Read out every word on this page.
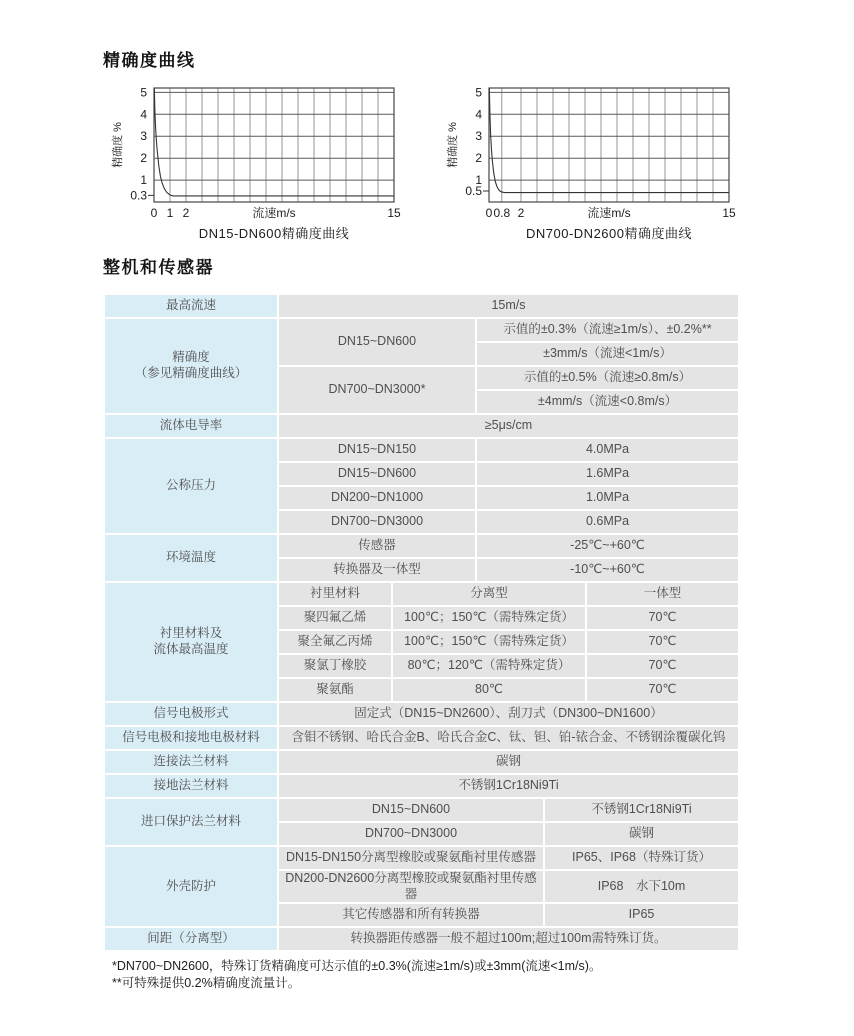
精确度曲线
5
4
3
2
1
0.3
0 1 2	15
流速m/s
精确度 %
DN15-DN600精确度曲线
5
4
3
2
1
0.5
0 0.8 2	15
流速m/s
精确度 %
DN700-DN2600精确度曲线
整机和传感器
最高流速	15m/s				

精确度
（参见精确度曲线）	DN15~DN600		示值的±0.3%（流速≥1m/s）、±0.2%**		
			±3mm/s（流速<1m/s）		
	DN700~DN3000*		示值的±0.5%（流速≥0.8m/s）		
			±4mm/s（流速<0.8m/s）		
流体电导率	≥5μs/cm				
公称压力	DN15~DN150		4.0MPa		
	DN15~DN600		1.6MPa		
	DN200~DN1000		1.0MPa		
	DN700~DN3000		0.6MPa		
环境温度	传感器		-25℃~+60℃		
	转换器及一体型		-10℃~+60℃		

衬里材料及
流体最高温度	衬里材料	分离型			一体型
	聚四氟乙烯	100℃；150℃（需特殊定货）			70℃
	聚全氟乙丙烯	100℃；150℃（需特殊定货）			70℃
	聚氯丁橡胶	80℃；120℃（需特殊定货）			70℃
	聚氨酯	80℃			70℃
信号电极形式	固定式（DN15~DN2600）、刮刀式（DN300~DN1600）				
信号电极和接地电极材料	含钼不锈钢、哈氏合金B、哈氏合金C、钛、钽、铂-铱合金、不锈钢涂覆碳化钨				
连接法兰材料	碳钢				
接地法兰材料	不锈钢1Cr18Ni9Ti				
进口保护法兰材料	DN15~DN600			不锈钢1Cr18Ni9Ti	
	DN700~DN3000			碳钢	
外壳防护	DN15-DN150分离型橡胶或聚氨酯衬里传感器			IP65、IP68（特殊订货）	
	DN200-DN2600分离型橡胶或聚氨酯衬里传感器			IP68　水下10m	
	其它传感器和所有转换器			IP65	
间距（分离型）	转换器距传感器一般不超过100m;超过100m需特殊订货。				
*DN700~DN2600，特殊订货精确度可达示值的±0.3%(流速≥1m/s)或±3mm(流速<1m/s)。
**可特殊提供0.2%精确度流量计。
